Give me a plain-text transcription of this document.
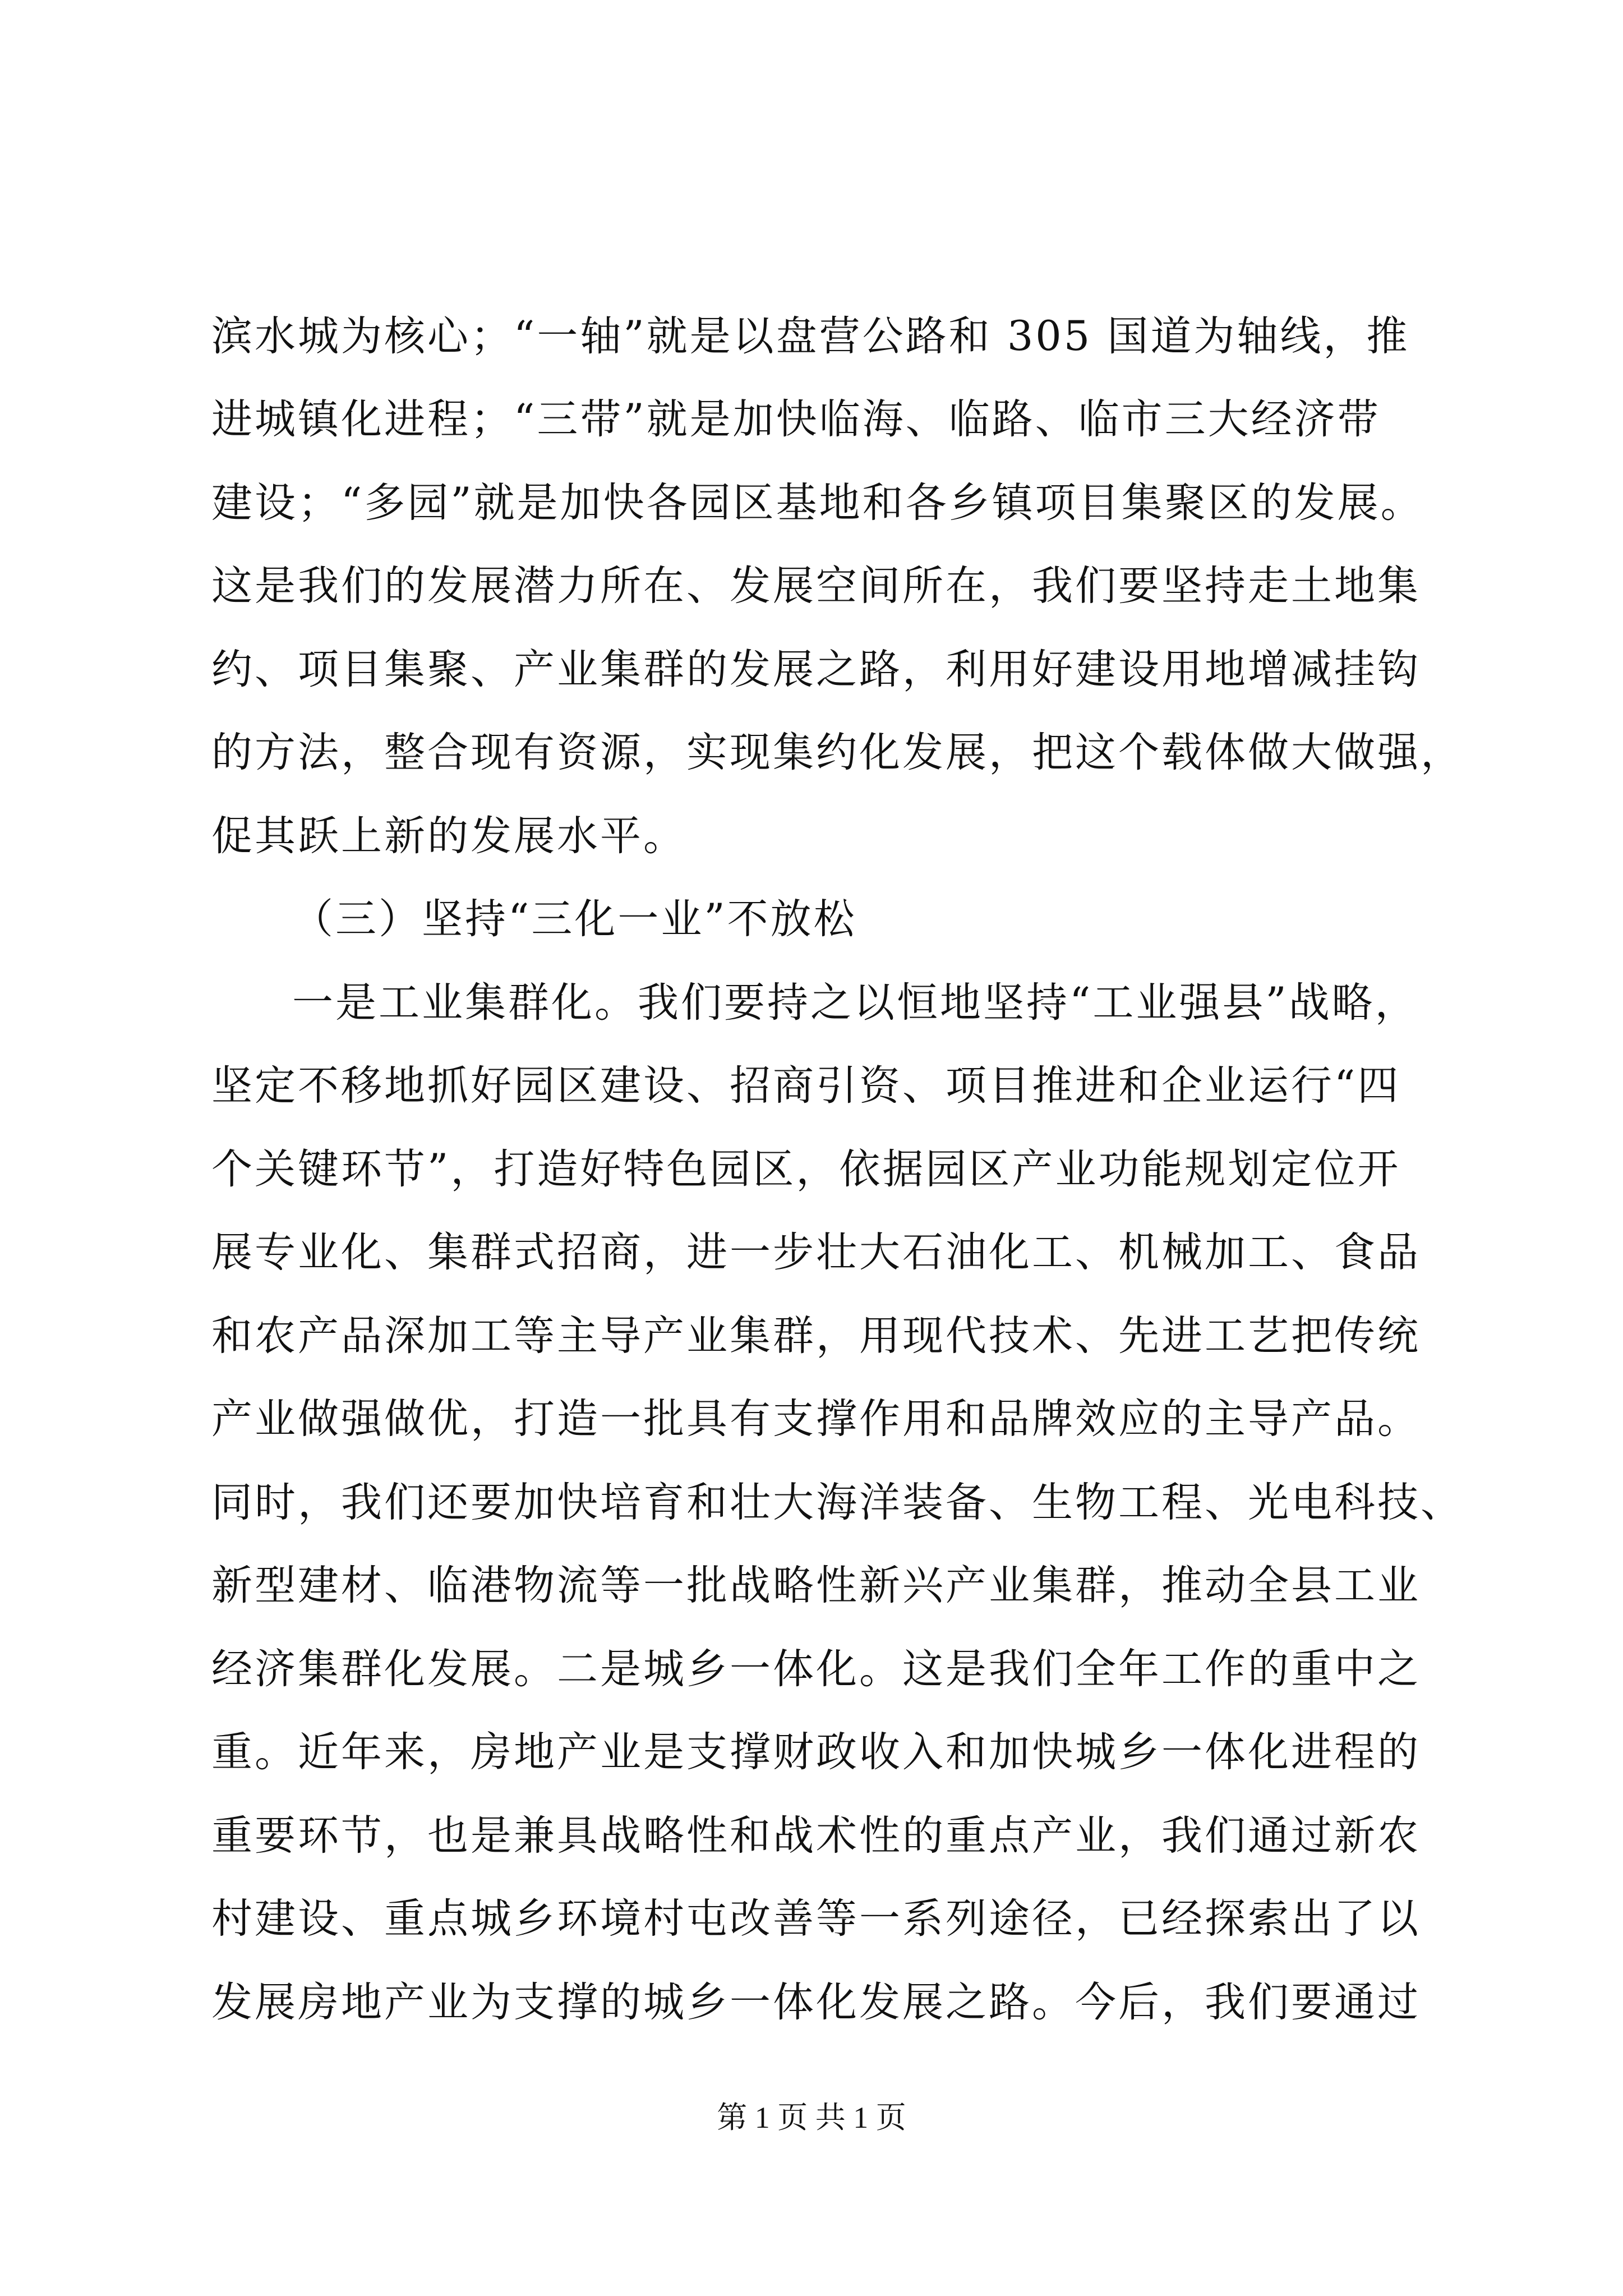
滨水城为核心；“一轴”就是以盘营公路和 305 国道为轴线，推
进城镇化进程；“三带”就是加快临海、临路、临市三大经济带
建设；“多园”就是加快各园区基地和各乡镇项目集聚区的发展。
这是我们的发展潜力所在、发展空间所在，我们要坚持走土地集
约、项目集聚、产业集群的发展之路，利用好建设用地增减挂钩
的方法，整合现有资源，实现集约化发展，把这个载体做大做强，
促其跃上新的发展水平。
（三）坚持“三化一业”不放松
一是工业集群化。我们要持之以恒地坚持“工业强县”战略，
坚定不移地抓好园区建设、招商引资、项目推进和企业运行“四
个关键环节”，打造好特色园区，依据园区产业功能规划定位开
展专业化、集群式招商，进一步壮大石油化工、机械加工、食品
和农产品深加工等主导产业集群，用现代技术、先进工艺把传统
产业做强做优，打造一批具有支撑作用和品牌效应的主导产品。
同时，我们还要加快培育和壮大海洋装备、生物工程、光电科技、
新型建材、临港物流等一批战略性新兴产业集群，推动全县工业
经济集群化发展。二是城乡一体化。这是我们全年工作的重中之
重。近年来，房地产业是支撑财政收入和加快城乡一体化进程的
重要环节，也是兼具战略性和战术性的重点产业，我们通过新农
村建设、重点城乡环境村屯改善等一系列途径，已经探索出了以
发展房地产业为支撑的城乡一体化发展之路。今后，我们要通过
第 1 页 共 1 页
